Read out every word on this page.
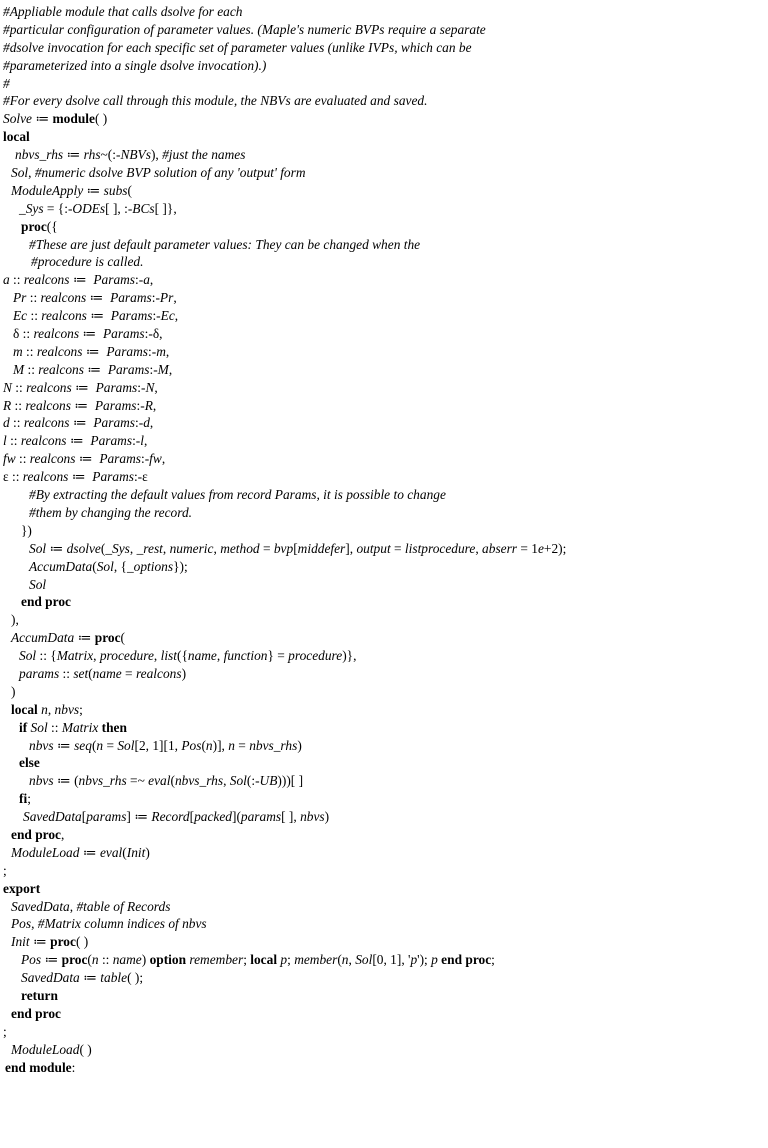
#Appliable module that calls dsolve for each
#particular configuration of parameter values. (Maple's numeric BVPs require a separate
#dsolve invocation for each specific set of parameter values (unlike IVPs, which can be
#parameterized into a single dsolve invocation).)
#
#For every dsolve call through this module, the NBVs are evaluated and saved.
Solve ≔ module( )
local
nbvs_rhs ≔ rhs~(:-NBVs), #just the names
Sol, #numeric dsolve BVP solution of any 'output' form
ModuleApply ≔ subs(
_Sys = {:-ODEs[ ], :-BCs[ ]},
proc({
#These are just default parameter values: They can be changed when the
#procedure is called.
a :: realcons ≔  Params:-a,
Pr :: realcons ≔  Params:-Pr,
Ec :: realcons ≔  Params:-Ec,
δ :: realcons ≔  Params:-δ,
m :: realcons ≔  Params:-m,
M :: realcons ≔  Params:-M,
N :: realcons ≔  Params:-N,
R :: realcons ≔  Params:-R,
d :: realcons ≔  Params:-d,
l :: realcons ≔  Params:-l,
fw :: realcons ≔  Params:-fw,
ε :: realcons ≔  Params:-ε
#By extracting the default values from record Params, it is possible to change
#them by changing the record.
})
Sol ≔ dsolve(_Sys, _rest, numeric, method = bvp[middefer], output = listprocedure, abserr = 1e+2);
AccumData(Sol, {_options});
Sol
end proc
),
AccumData ≔ proc(
Sol :: {Matrix, procedure, list({name, function} = procedure)},
params :: set(name = realcons)
)
local n, nbvs;
if Sol :: Matrix then
nbvs ≔ seq(n = Sol[2, 1][1, Pos(n)], n = nbvs_rhs)
else
nbvs ≔ (nbvs_rhs =~ eval(nbvs_rhs, Sol(:-UB)))[ ]
fi;
SavedData[params] ≔ Record[packed](params[ ], nbvs)
end proc,
ModuleLoad ≔ eval(Init)
;
export
SavedData, #table of Records
Pos, #Matrix column indices of nbvs
Init ≔ proc( )
Pos ≔ proc(n :: name) option remember; local p; member(n, Sol[0, 1], 'p'); p end proc;
SavedData ≔ table( );
return
end proc
;
ModuleLoad( )
end module:
